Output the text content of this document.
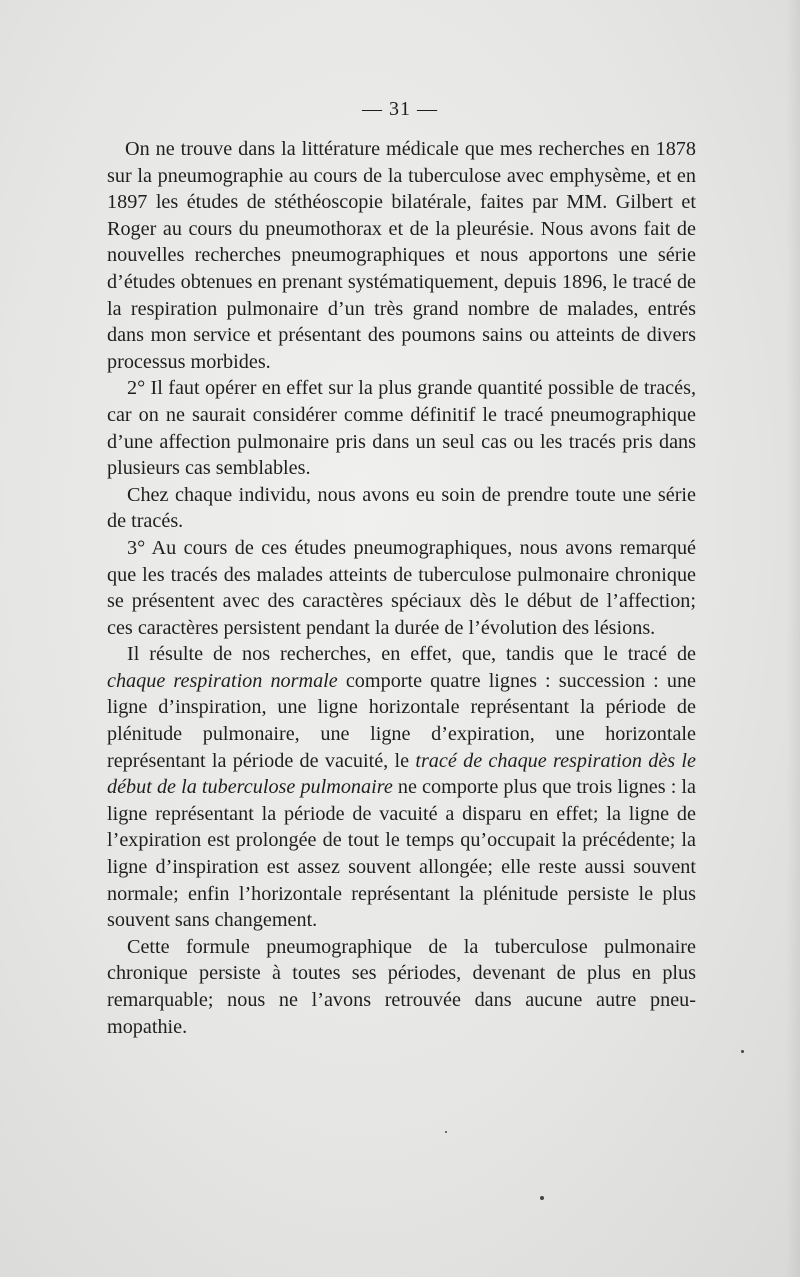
— 31 —

On ne trouve dans la littérature médicale que mes recherches en 1878 sur la pneumographie au cours de la tuberculose avec emphysème, et en 1897 les études de stéthéoscopie bilatérale, faites par MM. Gilbert et Roger au cours du pneumothorax et de la pleurésie. Nous avons fait de nouvelles recherches pneumographiques et nous apportons une série d’études obtenues en prenant systématiquement, depuis 1896, le tracé de la respiration pulmonaire d’un très grand nombre de malades, entrés dans mon service et présentant des poumons sains ou atteints de divers processus morbides.

2° Il faut opérer en effet sur la plus grande quantité possible de tracés, car on ne saurait considérer comme définitif le tracé pneumographique d’une affection pulmonaire pris dans un seul cas ou les tracés pris dans plusieurs cas semblables.

Chez chaque individu, nous avons eu soin de prendre toute une série de tracés.

3° Au cours de ces études pneumographiques, nous avons remarqué que les tracés des malades atteints de tuberculose pulmonaire chronique se présentent avec des caractères spéciaux dès le début de l’affection; ces caractères persistent pendant la durée de l’évolution des lésions.

Il résulte de nos recherches, en effet, que, tandis que le tracé de chaque respiration normale comporte quatre lignes : succession : une ligne d’inspiration, une ligne horizontale représentant la période de plénitude pulmonaire, une ligne d’expiration, une horizontale représentant la période de vacuité, le tracé de chaque respiration dès le début de la tuberculose pulmonaire ne comporte plus que trois lignes : la ligne représentant la période de vacuité a disparu en effet; la ligne de l’expiration est prolongée de tout le temps qu’occupait la précédente; la ligne d’inspiration est assez souvent allongée; elle reste aussi souvent normale; enfin l’horizontale représentant la plénitude persiste le plus souvent sans changement.

Cette formule pneumographique de la tuberculose pulmonaire chronique persiste à toutes ses périodes, devenant de plus en plus remarquable; nous ne l’avons retrouvée dans aucune autre pneumopathie.
